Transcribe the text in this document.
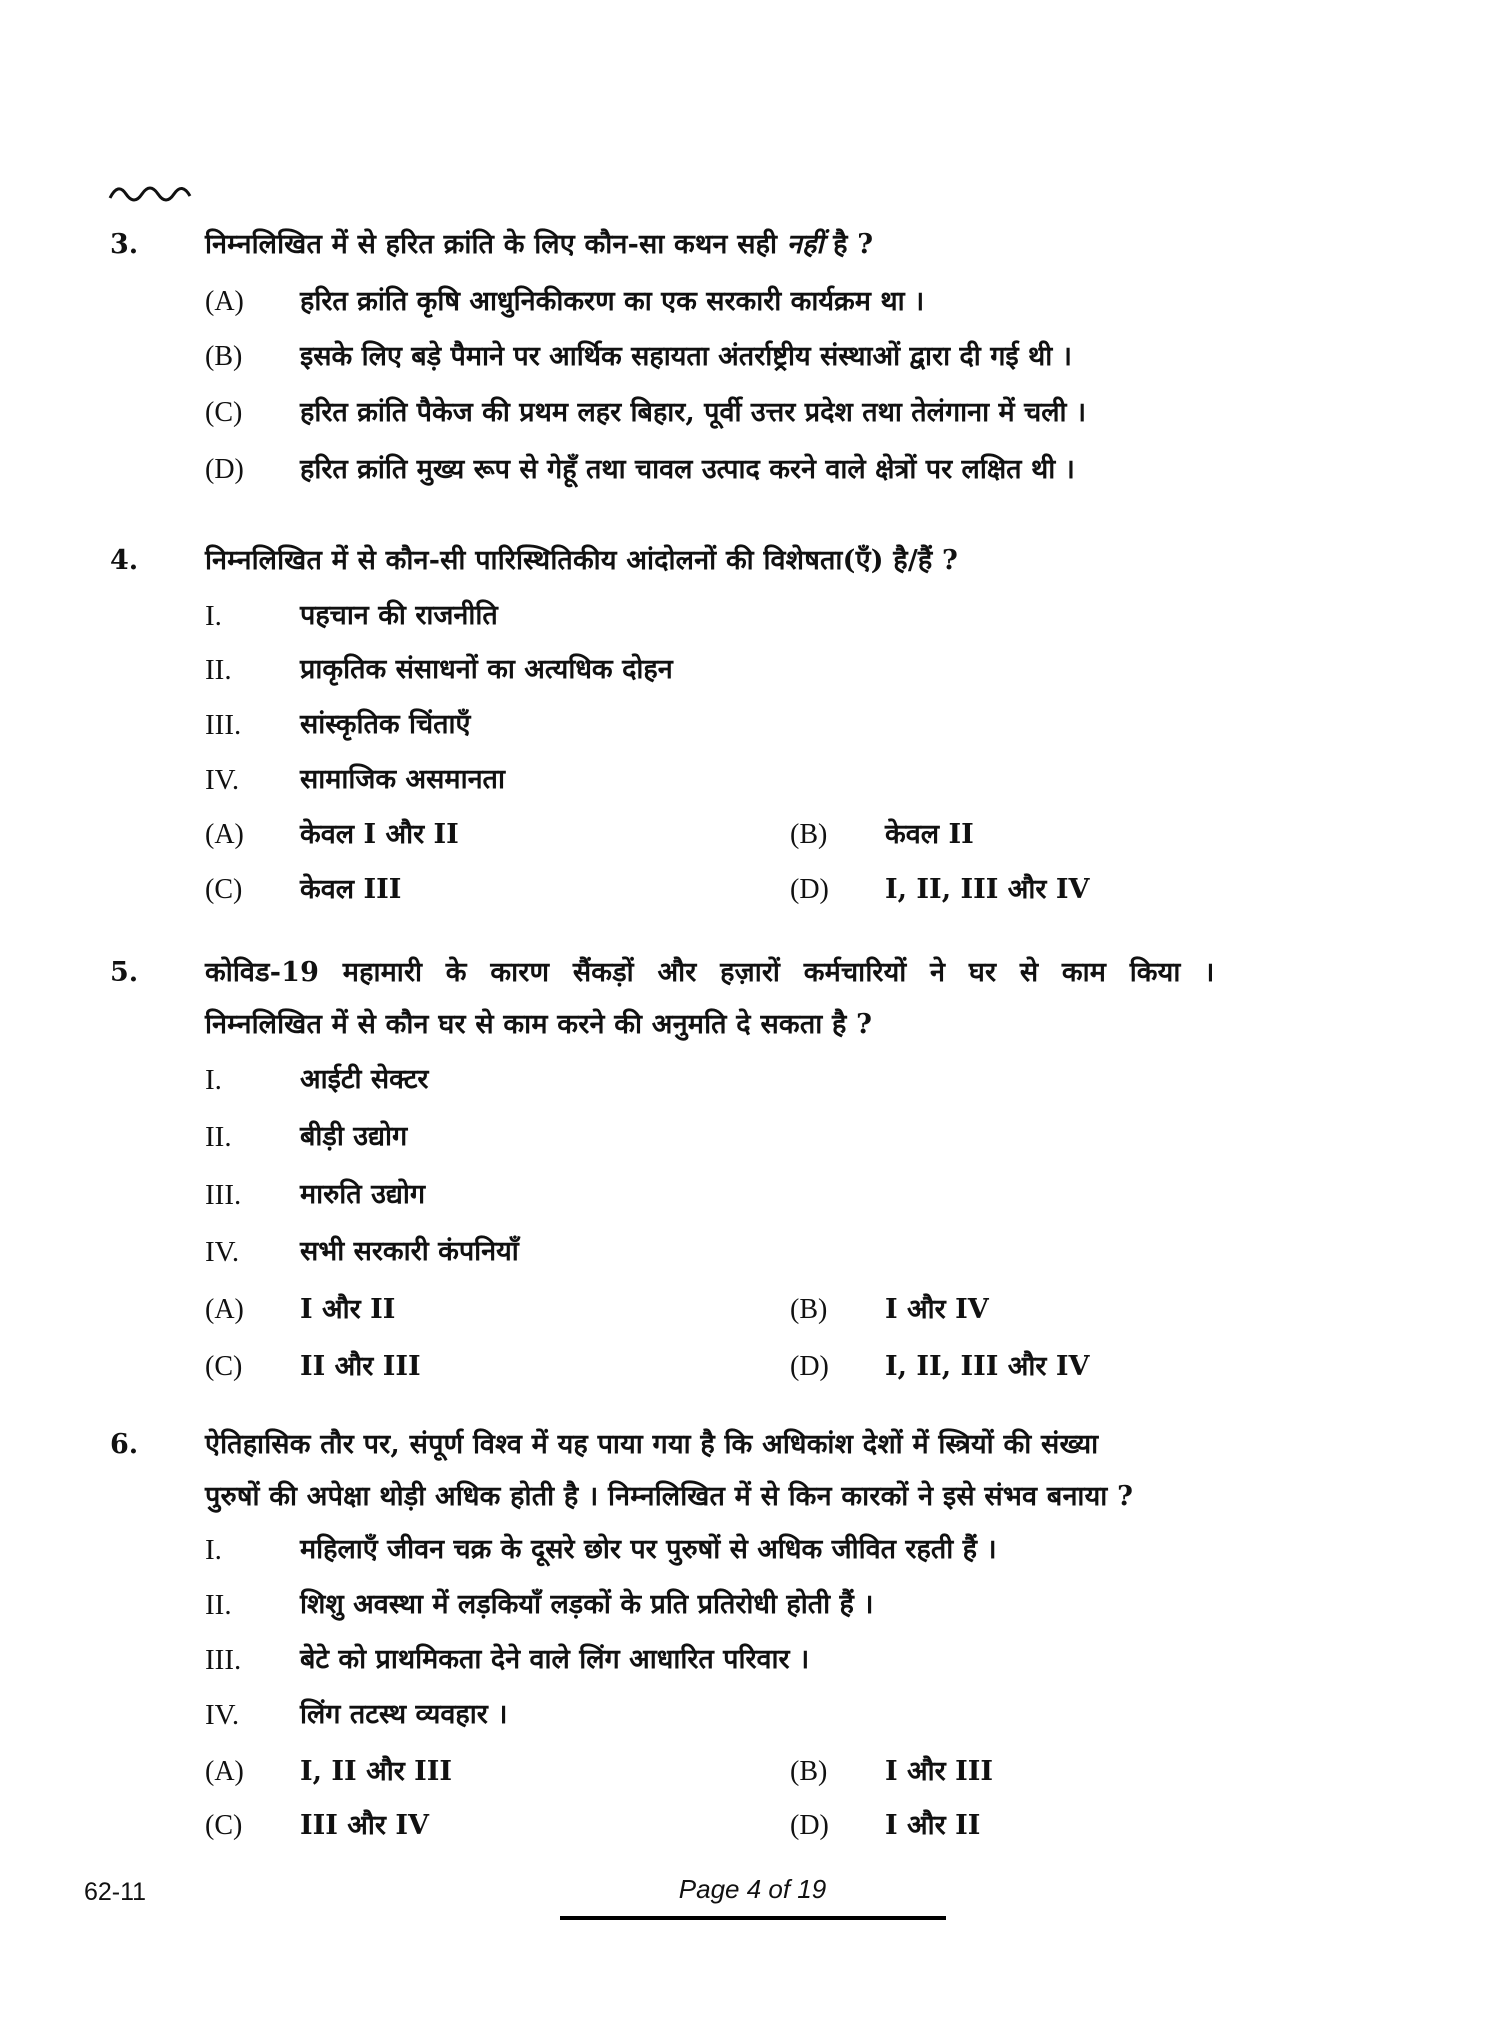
3. निम्नलिखित में से हरित क्रांति के लिए कौन-सा कथन सही नहीं है ?
(A) हरित क्रांति कृषि आधुनिकीकरण का एक सरकारी कार्यक्रम था ।
(B) इसके लिए बड़े पैमाने पर आर्थिक सहायता अंतर्राष्ट्रीय संस्थाओं द्वारा दी गई थी ।
(C) हरित क्रांति पैकेज की प्रथम लहर बिहार, पूर्वी उत्तर प्रदेश तथा तेलंगाना में चली ।
(D) हरित क्रांति मुख्य रूप से गेहूँ तथा चावल उत्पाद करने वाले क्षेत्रों पर लक्षित थी ।
4. निम्नलिखित में से कौन-सी पारिस्थितिकीय आंदोलनों की विशेषता(एँ) है/हैं ?
I.	पहचान की राजनीति
II.	प्राकृतिक संसाधनों का अत्यधिक दोहन
III. सांस्कृतिक चिंताएँ
IV. सामाजिक असमानता
(A) केवल I और II	(B) केवल II
(C) केवल III	(D) I, II, III और IV
5. कोविड-19 महामारी के कारण सैंकड़ों और हज़ारों कर्मचारियों ने घर से काम किया ।
निम्नलिखित में से कौन घर से काम करने की अनुमति दे सकता है ?
I.	आईटी सेक्टर
II.	बीड़ी उद्योग
III. मारुति उद्योग
IV. सभी सरकारी कंपनियाँ
(A) I और II	(B) I और IV
(C) II और III	(D) I, II, III और IV
6. ऐतिहासिक तौर पर, संपूर्ण विश्व में यह पाया गया है कि अधिकांश देशों में स्त्रियों की संख्या
पुरुषों की अपेक्षा थोड़ी अधिक होती है । निम्नलिखित में से किन कारकों ने इसे संभव बनाया ?
I.	महिलाएँ जीवन चक्र के दूसरे छोर पर पुरुषों से अधिक जीवित रहती हैं ।
II.	शिशु अवस्था में लड़कियाँ लड़कों के प्रति प्रतिरोधी होती हैं ।
III. बेटे को प्राथमिकता देने वाले लिंग आधारित परिवार ।
IV. लिंग तटस्थ व्यवहार ।
(A) I, II और III	(B) I और III
(C) III और IV	(D) I और II
62-11	Page 4 of 19
